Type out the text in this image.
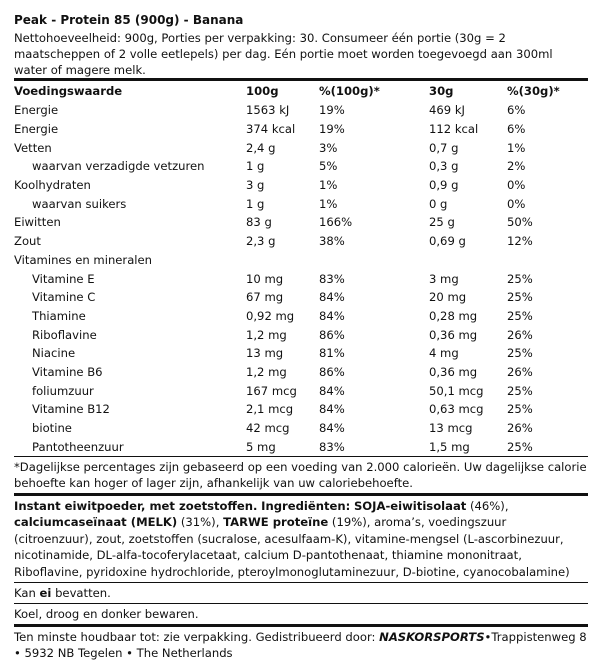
Peak - Protein 85 (900g) - Banana
Nettohoeveelheid: 900g, Porties per verpakking: 30. Consumeer één portie (30g = 2 maatscheppen of 2 volle eetlepels) per dag. Eén portie moet worden toegevoegd aan 300ml water of magere melk.
Voedingswaarde	100g	%(100g)*	30g	%(30g)*
Energie	1563 kJ	19%	469 kJ	6%
Energie	374 kcal	19%	112 kcal	6%
Vetten	2,4 g	3%	0,7 g	1%
waarvan verzadigde vetzuren	1 g	5%	0,3 g	2%
Koolhydraten	3 g	1%	0,9 g	0%
waarvan suikers	1 g	1%	0 g	0%
Eiwitten	83 g	166%	25 g	50%
Zout	2,3 g	38%	0,69 g	12%
Vitamines en mineralen				
Vitamine E	10 mg	83%	3 mg	25%
Vitamine C	67 mg	84%	20 mg	25%
Thiamine	0,92 mg	84%	0,28 mg	25%
Riboflavine	1,2 mg	86%	0,36 mg	26%
Niacine	13 mg	81%	4 mg	25%
Vitamine B6	1,2 mg	86%	0,36 mg	26%
foliumzuur	167 mcg	84%	50,1 mcg	25%
Vitamine B12	2,1 mcg	84%	0,63 mcg	25%
biotine	42 mcg	84%	13 mcg	26%
Pantotheenzuur	5 mg	83%	1,5 mg	25%
*Dagelijkse percentages zijn gebaseerd op een voeding van 2.000 calorieën. Uw dagelijkse calorie behoefte kan hoger of lager zijn, afhankelijk van uw caloriebehoefte.
Instant eiwitpoeder, met zoetstoffen. Ingrediënten: SOJA-eiwitisolaat (46%), calciumcaseïnaat (MELK) (31%), TARWE proteïne (19%), aroma’s, voedingszuur (citroenzuur), zout, zoetstoffen (sucralose, acesulfaam-K), vitamine-mengsel (L-ascorbinezuur, nicotinamide, DL-alfa-tocoferylacetaat, calcium D-pantothenaat, thiamine mononitraat, Riboflavine, pyridoxine hydrochloride, pteroylmonoglutaminezuur, D-biotine, cyanocobalamine)
Kan ei bevatten.
Koel, droog en donker bewaren.
Ten minste houdbaar tot: zie verpakking. Gedistribueerd door: NASKORSPORTS•Trappistenweg 8 • 5932 NB Tegelen • The Netherlands
